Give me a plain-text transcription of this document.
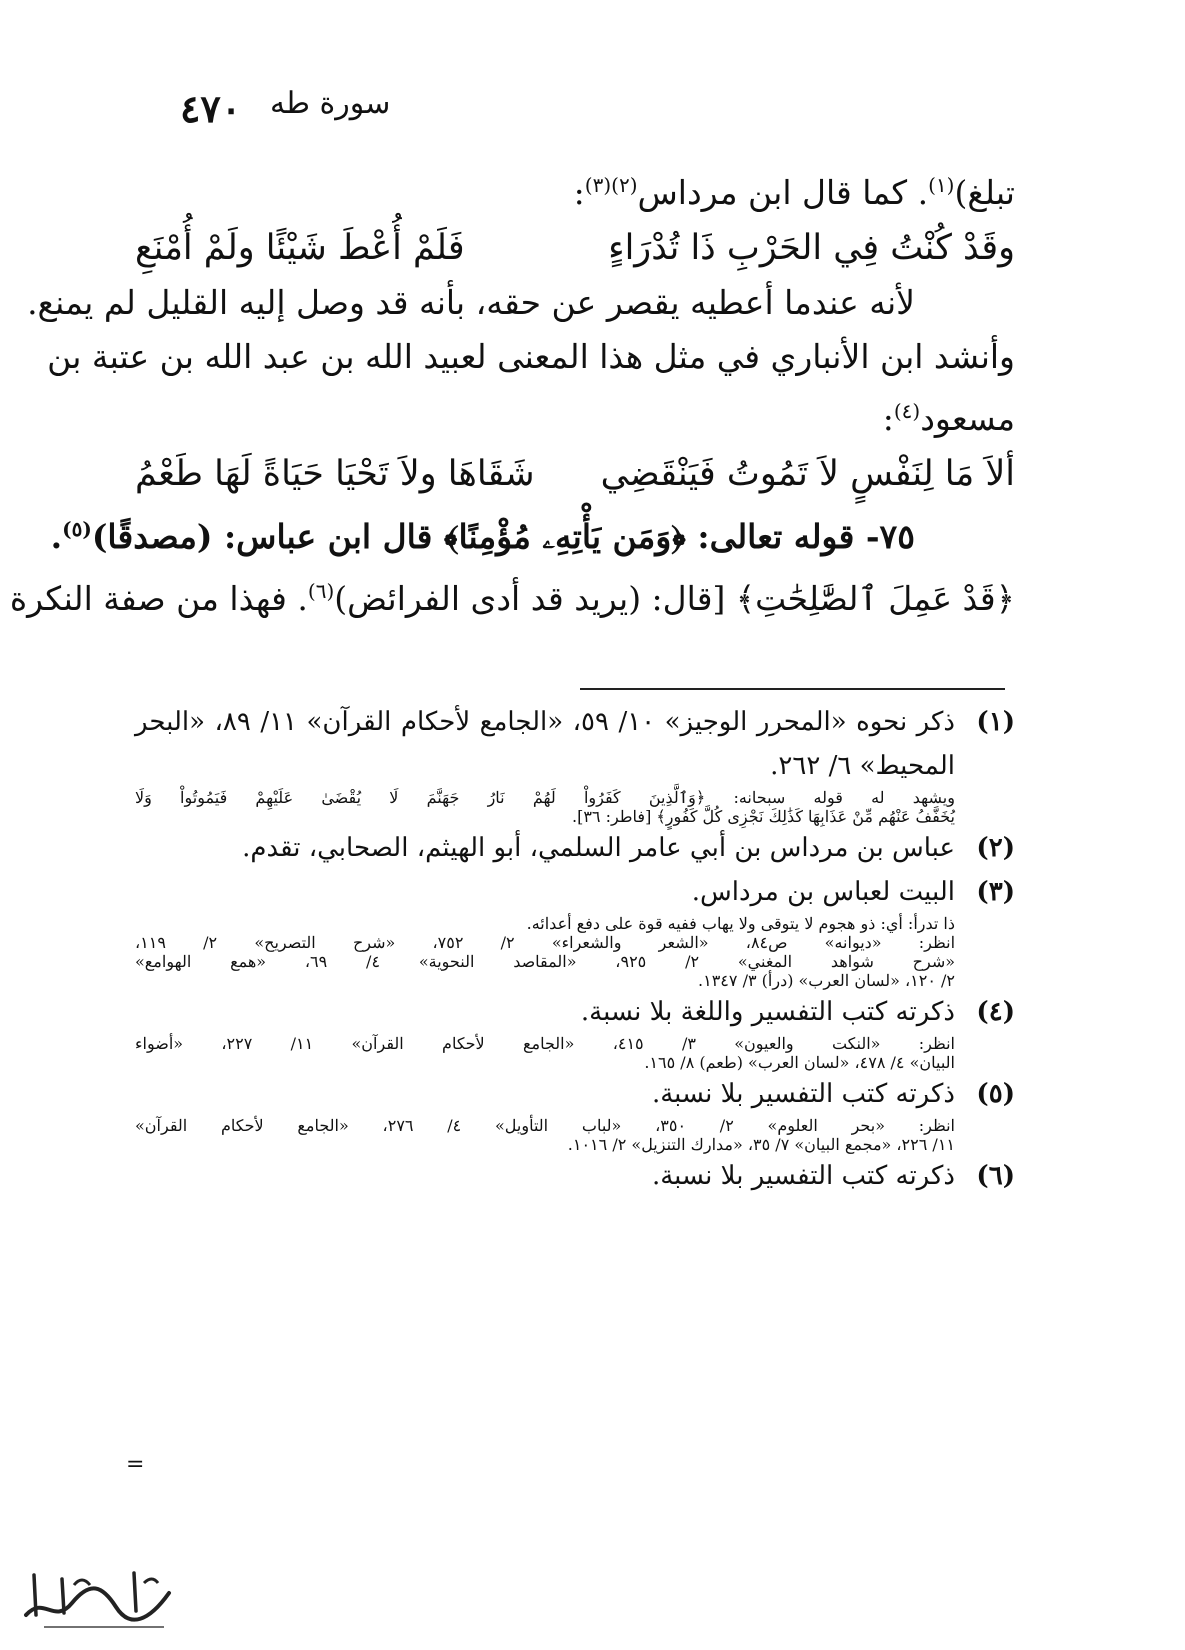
٤٧٠ سورة طه
تبلغ)$^{(١)}$. كما قال ابن مرداس$^{(٢)(٣)}$:
وقَدْ كُنْتُ فِي الحَرْبِ ذَا تُدْرَاءٍ
فَلَمْ أُعْطَ شَيْئًا ولَمْ أُمْنَعِ
لأنه عندما أعطيه يقصر عن حقه، بأنه قد وصل إليه القليل لم يمنع.
وأنشد ابن الأنباري في مثل هذا المعنى لعبيد الله بن عبد الله بن عتبة بن
مسعود$^{(٤)}$:
ألاَ مَا لِنَفْسٍ لاَ تَمُوتُ فَيَنْقَضِي
شَقَاهَا ولاَ تَحْيَا حَيَاةً لَهَا طَعْمُ
٧٥- قوله تعالى: ﴿وَمَن يَأْتِهِۦ مُؤْمِنًا﴾ قال ابن عباس: (مصدقًا)$^{(٥)}$.
﴿قَدْ عَمِلَ ٱلصَّٰلِحَٰتِ﴾ [قال: (يريد قد أدى الفرائض)$^{(٦)}$. فهذا من صفة النكرة
(١)
ذكر نحوه «المحرر الوجيز» ١٠/ ٥٩، «الجامع لأحكام القرآن» ١١/ ٨٩، «البحر
المحيط» ٦/ ٢٦٢.
ويشهد له قوله سبحانه: ﴿وَٱلَّذِينَ كَفَرُواْ لَهُمْ نَارُ جَهَنَّمَ لَا يُقْضَىٰ عَلَيْهِمْ فَيَمُوتُواْ وَلَا
يُخَفَّفُ عَنْهُم مِّنْ عَذَابِهَا كَذَٰلِكَ نَجْزِى كُلَّ كَفُورٍ﴾ [فاطر: ٣٦].
(٢)
عباس بن مرداس بن أبي عامر السلمي، أبو الهيثم، الصحابي، تقدم.
(٣)
البيت لعباس بن مرداس.
ذا تدرأ: أي: ذو هجوم لا يتوقى ولا يهاب ففيه قوة على دفع أعدائه.
انظر: «ديوانه» ص٨٤، «الشعر والشعراء» ٢/ ٧٥٢، «شرح التصريح» ٢/ ١١٩،
«شرح شواهد المغني» ٢/ ٩٢٥، «المقاصد النحوية» ٤/ ٦٩، «همع الهوامع»
٢/ ١٢٠، «لسان العرب» (درأ) ٣/ ١٣٤٧.
(٤)
ذكرته كتب التفسير واللغة بلا نسبة.
انظر: «النكت والعيون» ٣/ ٤١٥، «الجامع لأحكام القرآن» ١١/ ٢٢٧، «أضواء
البيان» ٤/ ٤٧٨، «لسان العرب» (طعم) ٨/ ١٦٥.
(٥)
ذكرته كتب التفسير بلا نسبة.
انظر: «بحر العلوم» ٢/ ٣٥٠، «لباب التأويل» ٤/ ٢٧٦، «الجامع لأحكام القرآن»
١١/ ٢٢٦، «مجمع البيان» ٧/ ٣٥، «مدارك التنزيل» ٢/ ١٠١٦.
(٦)
ذكرته كتب التفسير بلا نسبة.
=
